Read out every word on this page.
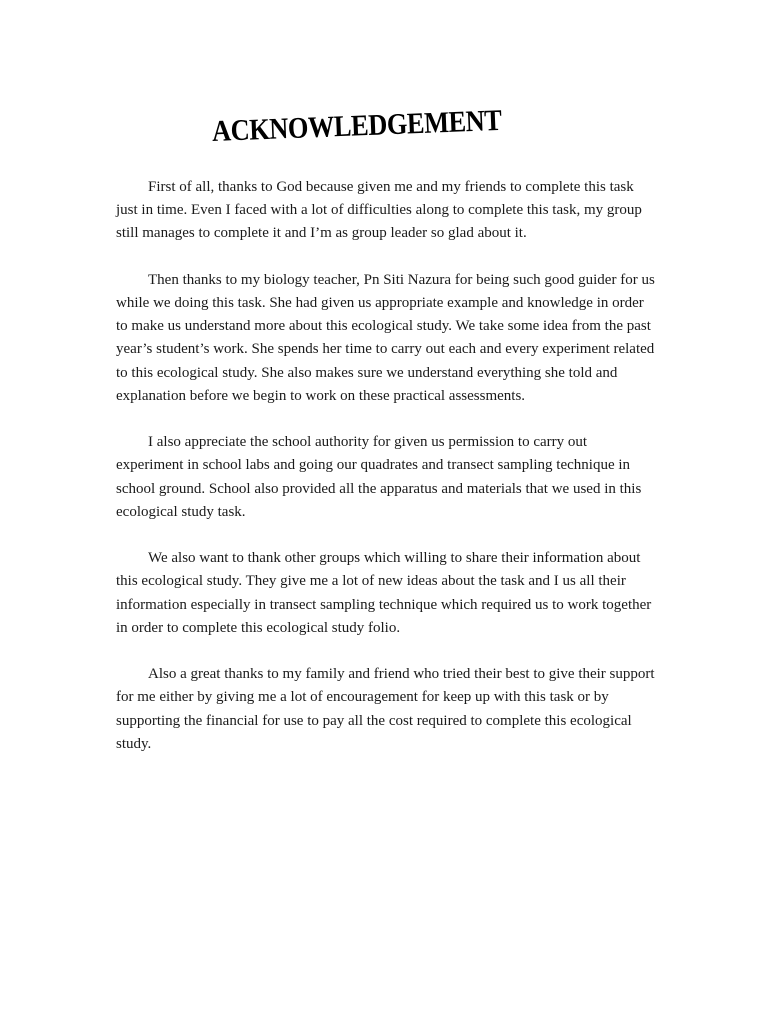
ACKNOWLEDGEMENT

First of all, thanks to God because given me and my friends to complete this task just in time. Even I faced with a lot of difficulties along to complete this task, my group still manages to complete it and I’m as group leader so glad about it.

Then thanks to my biology teacher, Pn Siti Nazura for being such good guider for us while we doing this task. She had given us appropriate example and knowledge in order to make us understand more about this ecological study. We take some idea from the past year’s student’s work. She spends her time to carry out each and every experiment related to this ecological study. She also makes sure we understand everything she told and explanation before we begin to work on these practical assessments.

I also appreciate the school authority for given us permission to carry out experiment in school labs and going our quadrates and transect sampling technique in school ground. School also provided all the apparatus and materials that we used in this ecological study task.

We also want to thank other groups which willing to share their information about this ecological study. They give me a lot of new ideas about the task and I us all their information especially in transect sampling technique which required us to work together in order to complete this ecological study folio.

Also a great thanks to my family and friend who tried their best to give their support for me either by giving me a lot of encouragement for keep up with this task or by supporting the financial for use to pay all the cost required to complete this ecological study.
